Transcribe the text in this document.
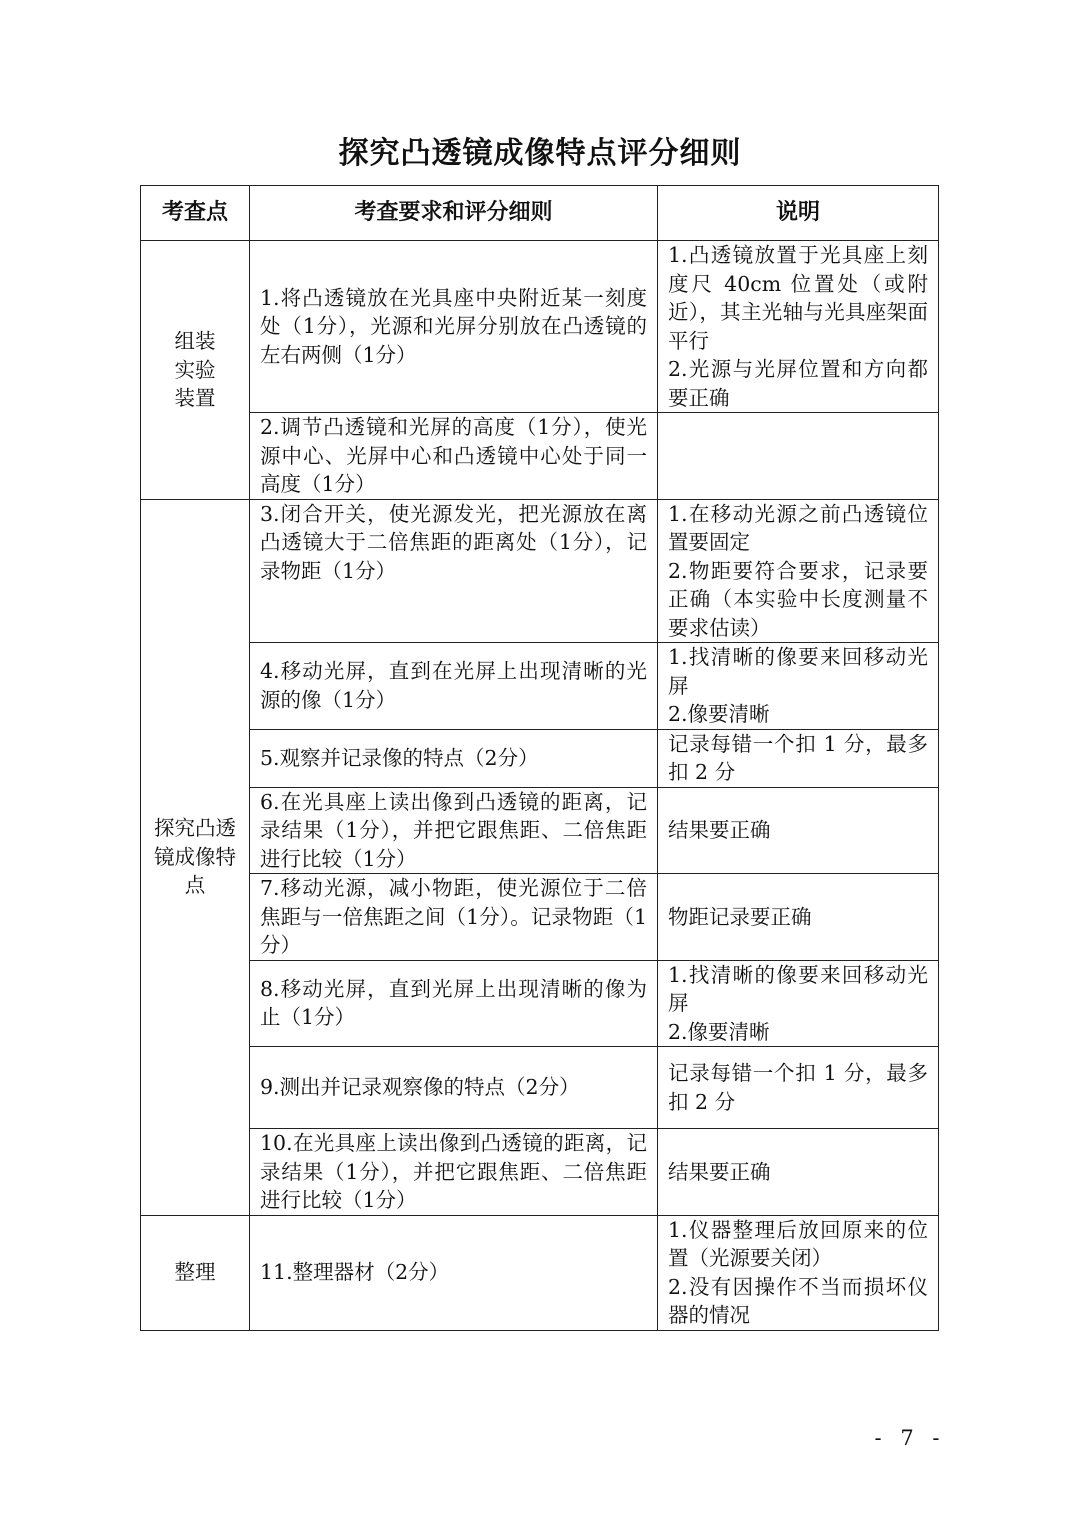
探究凸透镜成像特点评分细则
考查点	考查要求和评分细则	说明
组装
实验
装置	1.将凸透镜放在光具座中央附近某一刻度处（1分），光源和光屏分别放在凸透镜的左右两侧（1分）	1.凸透镜放置于光具座上刻度尺 40cm 位置处（或附近），其主光轴与光具座架面平行
2.光源与光屏位置和方向都要正确
	2.调节凸透镜和光屏的高度（1分），使光源中心、光屏中心和凸透镜中心处于同一高度（1分）	
探究凸透
镜成像特
点	3.闭合开关，使光源发光，把光源放在离凸透镜大于二倍焦距的距离处（1分），记录物距（1分）	1.在移动光源之前凸透镜位置要固定
2.物距要符合要求，记录要正确（本实验中长度测量不要求估读）
	4.移动光屏，直到在光屏上出现清晰的光源的像（1分）	1.找清晰的像要来回移动光屏
2.像要清晰
	5.观察并记录像的特点（2分）	记录每错一个扣 1 分，最多扣 2 分
	6.在光具座上读出像到凸透镜的距离，记录结果（1分），并把它跟焦距、二倍焦距进行比较（1分）	结果要正确
	7.移动光源，减小物距，使光源位于二倍焦距与一倍焦距之间（1分）。记录物距（1分）	物距记录要正确
	8.移动光屏，直到光屏上出现清晰的像为止（1分）	1.找清晰的像要来回移动光屏
2.像要清晰
	9.测出并记录观察像的特点（2分）	记录每错一个扣 1 分，最多扣 2 分
	10.在光具座上读出像到凸透镜的距离，记录结果（1分），并把它跟焦距、二倍焦距进行比较（1分）	结果要正确
整理	11.整理器材（2分）	1.仪器整理后放回原来的位置（光源要关闭）
2.没有因操作不当而损坏仪器的情况
- 7 -
